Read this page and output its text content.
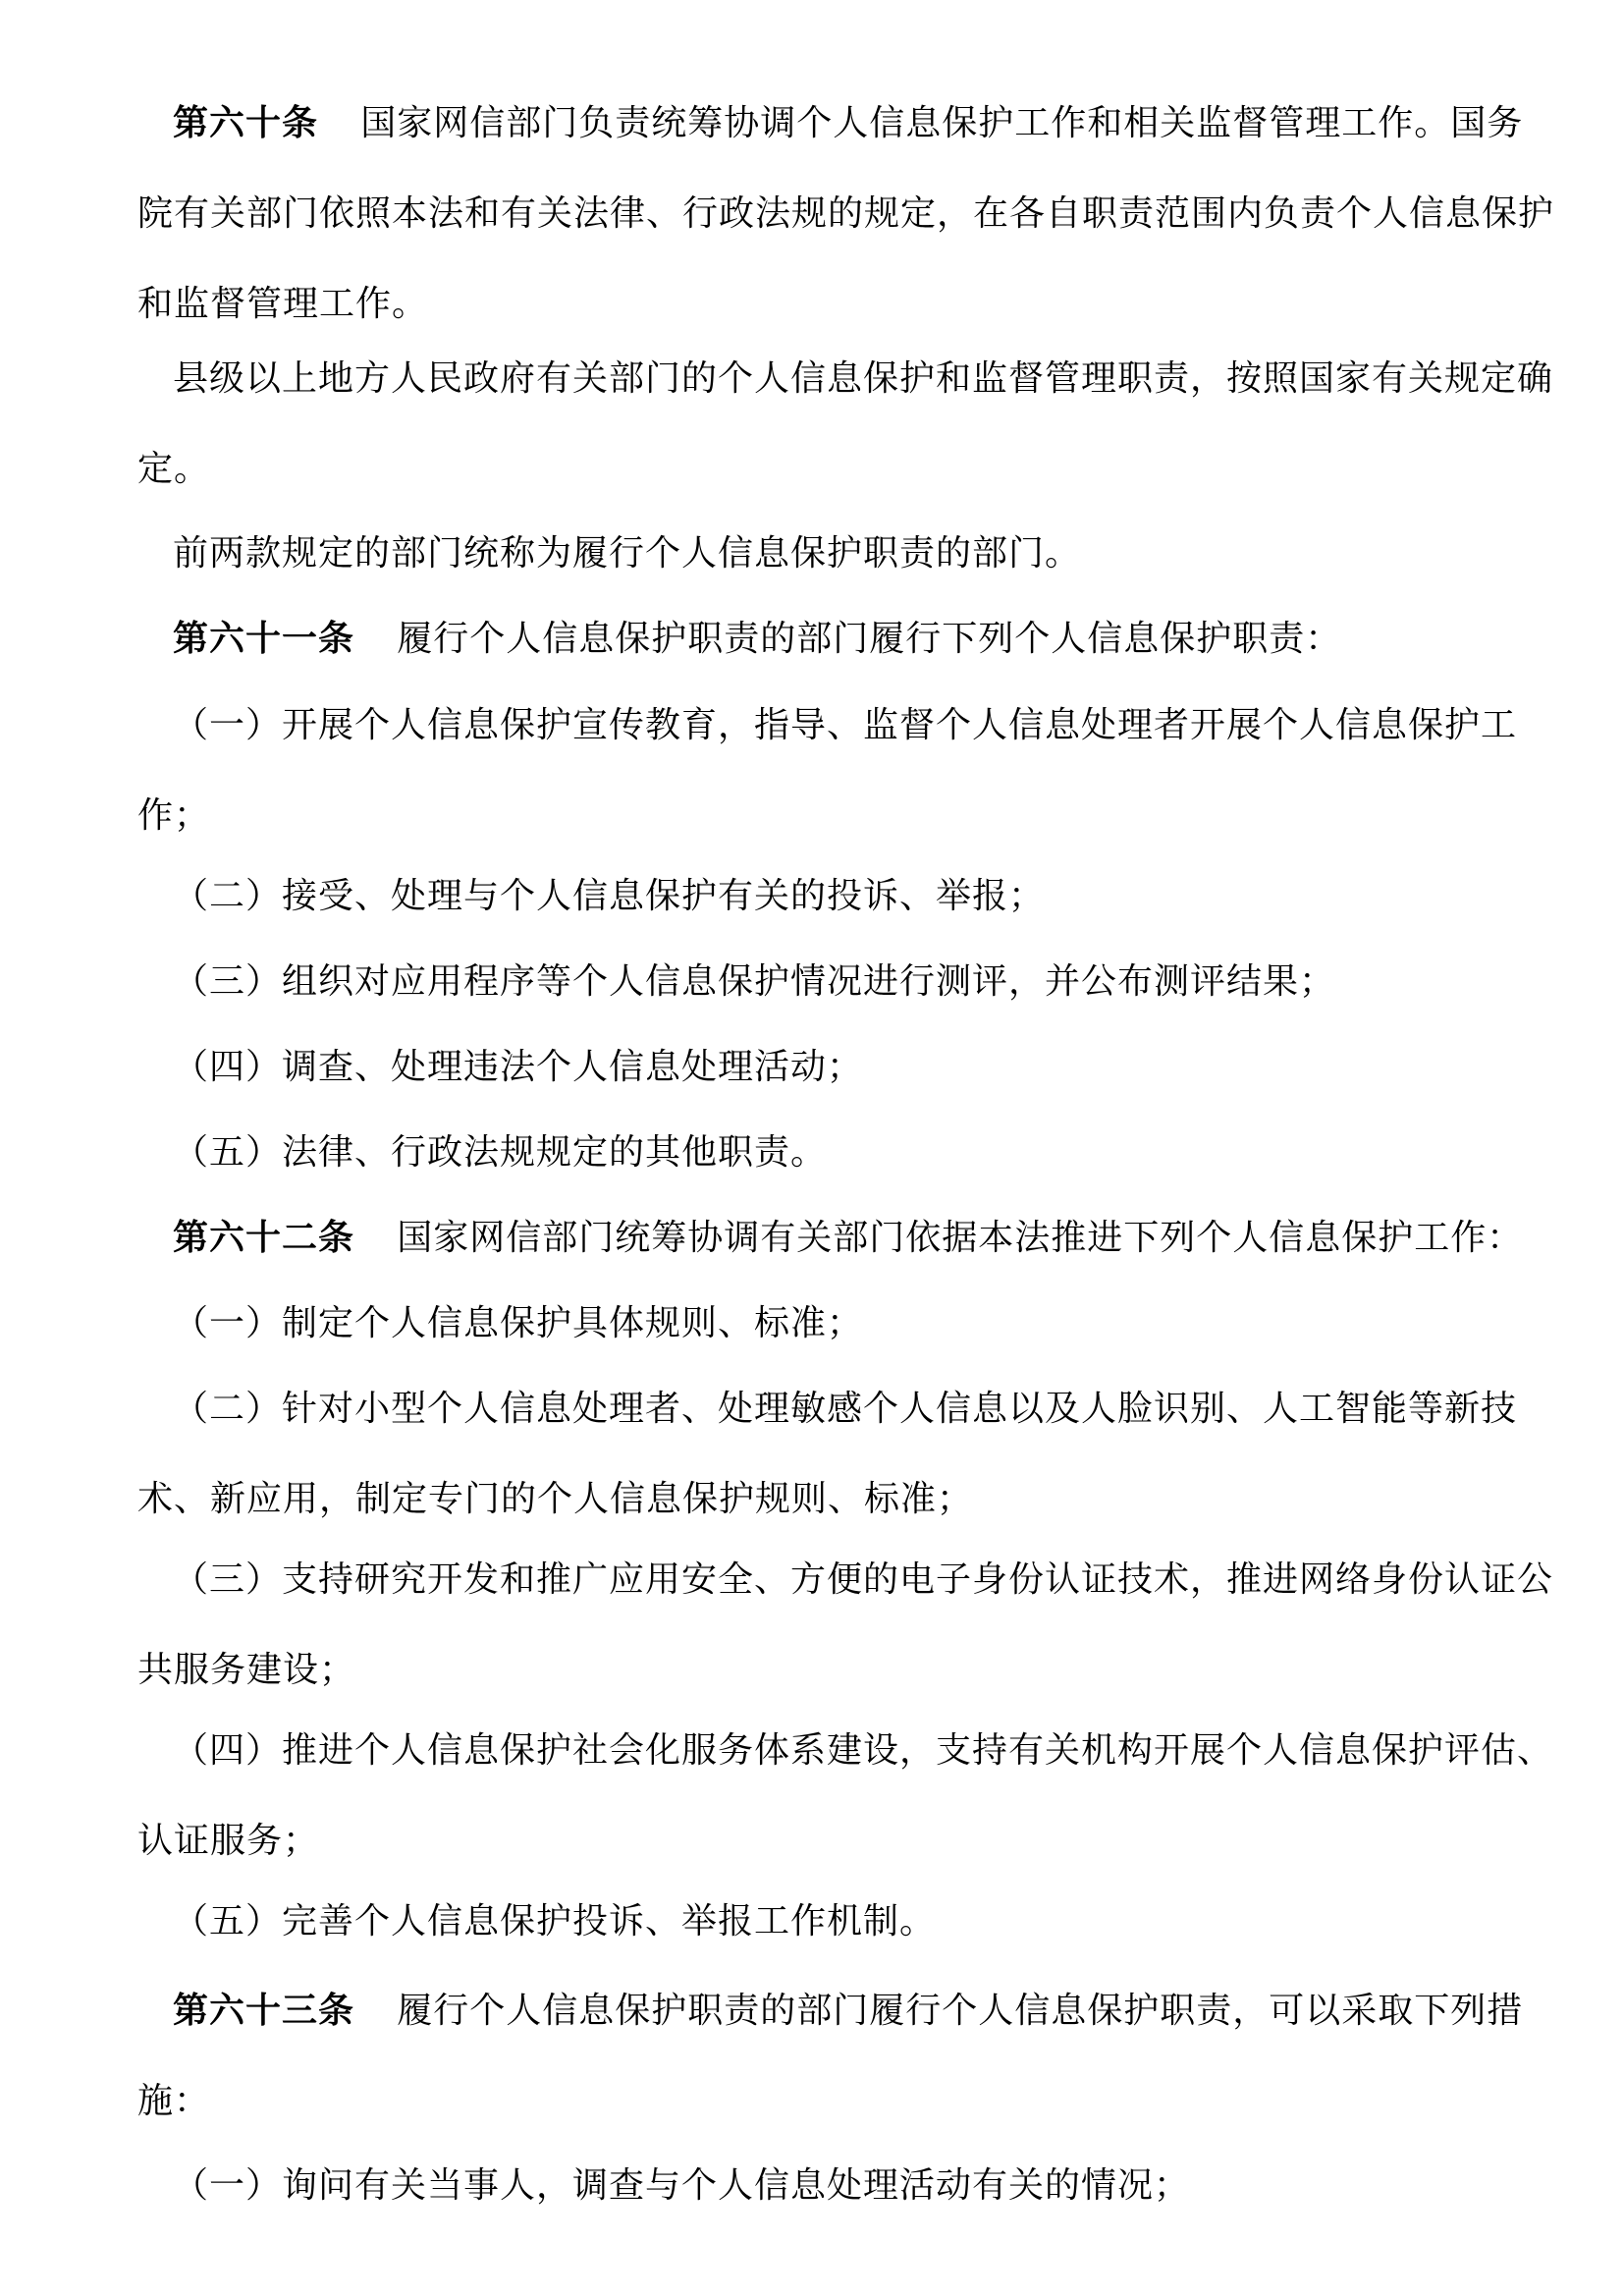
第六十条 国家网信部门负责统筹协调个人信息保护工作和相关监督管理工作。国务院有关部门依照本法和有关法律、行政法规的规定，在各自职责范围内负责个人信息保护和监督管理工作。

县级以上地方人民政府有关部门的个人信息保护和监督管理职责，按照国家有关规定确定。

前两款规定的部门统称为履行个人信息保护职责的部门。

第六十一条 履行个人信息保护职责的部门履行下列个人信息保护职责：

（一）开展个人信息保护宣传教育，指导、监督个人信息处理者开展个人信息保护工作；

（二）接受、处理与个人信息保护有关的投诉、举报；

（三）组织对应用程序等个人信息保护情况进行测评，并公布测评结果；

（四）调查、处理违法个人信息处理活动；

（五）法律、行政法规规定的其他职责。

第六十二条 国家网信部门统筹协调有关部门依据本法推进下列个人信息保护工作：

（一）制定个人信息保护具体规则、标准；

（二）针对小型个人信息处理者、处理敏感个人信息以及人脸识别、人工智能等新技术、新应用，制定专门的个人信息保护规则、标准；

（三）支持研究开发和推广应用安全、方便的电子身份认证技术，推进网络身份认证公共服务建设；

（四）推进个人信息保护社会化服务体系建设，支持有关机构开展个人信息保护评估、认证服务；

（五）完善个人信息保护投诉、举报工作机制。

第六十三条 履行个人信息保护职责的部门履行个人信息保护职责，可以采取下列措施：

（一）询问有关当事人，调查与个人信息处理活动有关的情况；
